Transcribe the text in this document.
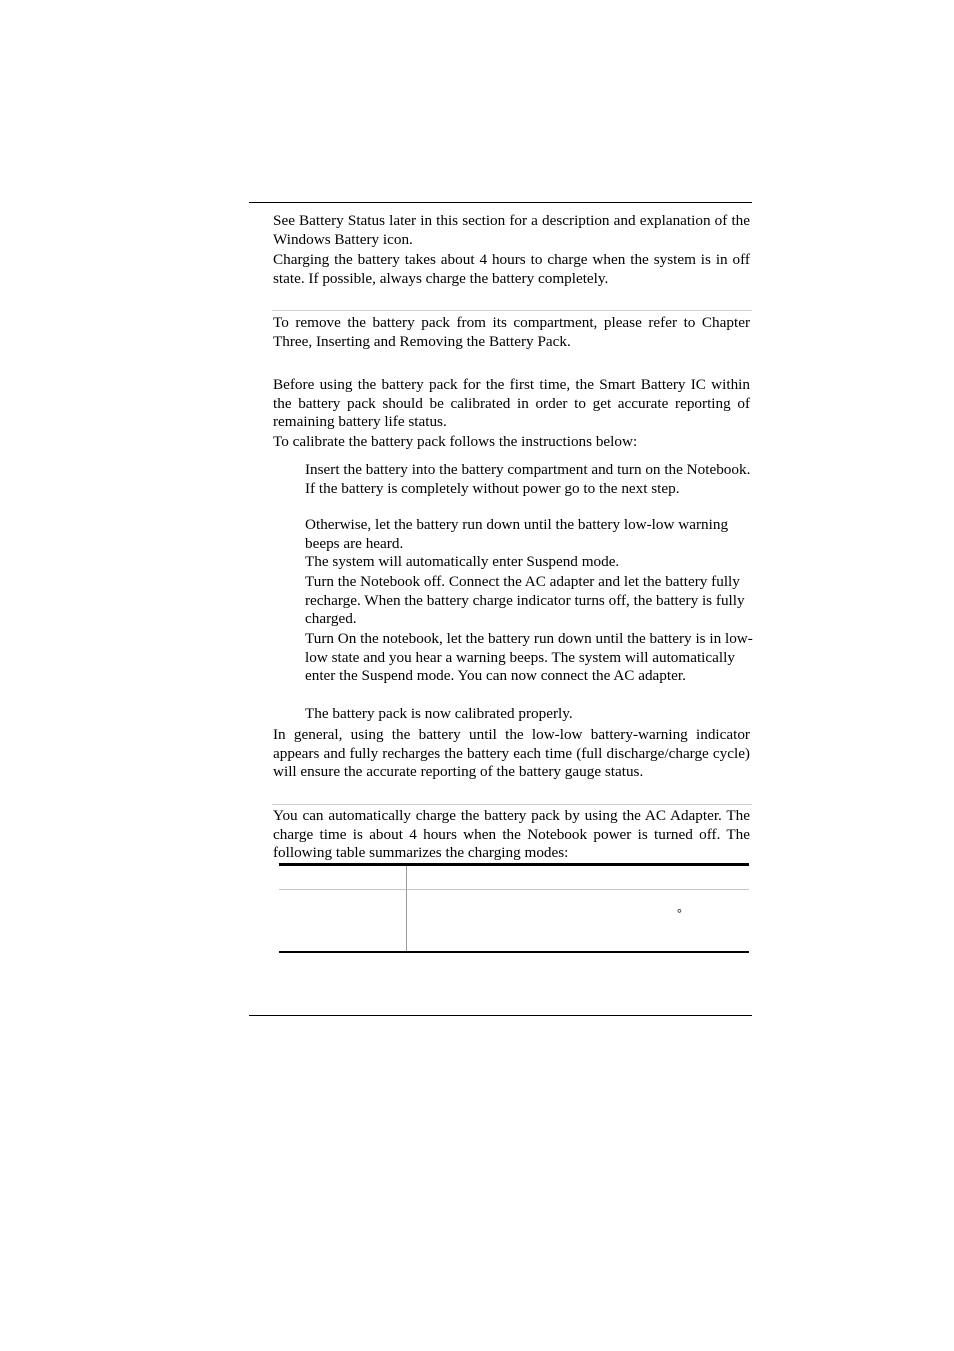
See Battery Status later in this section for a description and explanation of the Windows Battery icon.

Charging the battery takes about 4 hours to charge when the system is in off state. If possible, always charge the battery completely.

To remove the battery pack from its compartment, please refer to Chapter Three, Inserting and Removing the Battery Pack.

Before using the battery pack for the first time, the Smart Battery IC within the battery pack should be calibrated in order to get accurate reporting of remaining battery life status.

To calibrate the battery pack follows the instructions below:

Insert the battery into the battery compartment and turn on the Notebook. If the battery is completely without power go to the next step.

Otherwise, let the battery run down until the battery low-low warning beeps are heard.

The system will automatically enter Suspend mode.

Turn the Notebook off. Connect the AC adapter and let the battery fully recharge. When the battery charge indicator turns off, the battery is fully charged.

Turn On the notebook, let the battery run down until the battery is in low-low state and you hear a warning beeps. The system will automatically enter the Suspend mode. You can now connect the AC adapter.

The battery pack is now calibrated properly.

In general, using the battery until the low-low battery-warning indicator appears and fully recharges the battery each time (full discharge/charge cycle) will ensure the accurate reporting of the battery gauge status.

You can automatically charge the battery pack by using the AC Adapter. The charge time is about 4 hours when the Notebook power is turned off. The following table summarizes the charging modes:

°
